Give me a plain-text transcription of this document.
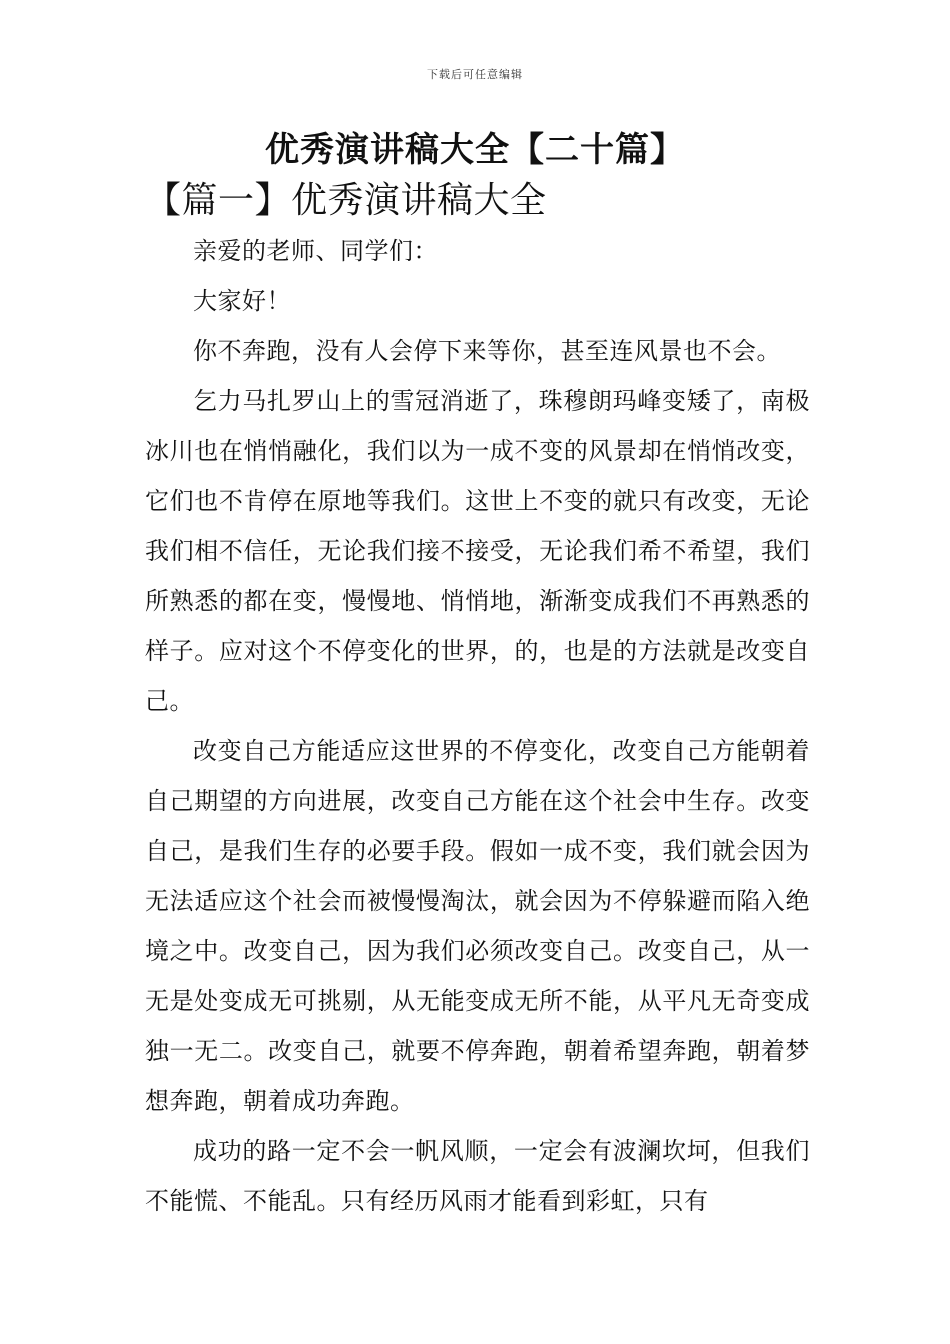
下载后可任意编辑
优秀演讲稿大全【二十篇】
【篇一】优秀演讲稿大全

亲爱的老师、同学们：

大家好！

你不奔跑，没有人会停下来等你，甚至连风景也不会。

乞力马扎罗山上的雪冠消逝了，珠穆朗玛峰变矮了，南极冰川也在悄悄融化，我们以为一成不变的风景却在悄悄改变，它们也不肯停在原地等我们。这世上不变的就只有改变，无论我们相不信任，无论我们接不接受，无论我们希不希望，我们所熟悉的都在变，慢慢地、悄悄地，渐渐变成我们不再熟悉的样子。应对这个不停变化的世界，的，也是的方法就是改变自己。

改变自己方能适应这世界的不停变化，改变自己方能朝着自己期望的方向进展，改变自己方能在这个社会中生存。改变自己，是我们生存的必要手段。假如一成不变，我们就会因为无法适应这个社会而被慢慢淘汰，就会因为不停躲避而陷入绝境之中。改变自己，因为我们必须改变自己。改变自己，从一无是处变成无可挑剔，从无能变成无所不能，从平凡无奇变成独一无二。改变自己，就要不停奔跑，朝着希望奔跑，朝着梦想奔跑，朝着成功奔跑。

成功的路一定不会一帆风顺，一定会有波澜坎坷，但我们不能慌、不能乱。只有经历风雨才能看到彩虹，只有
